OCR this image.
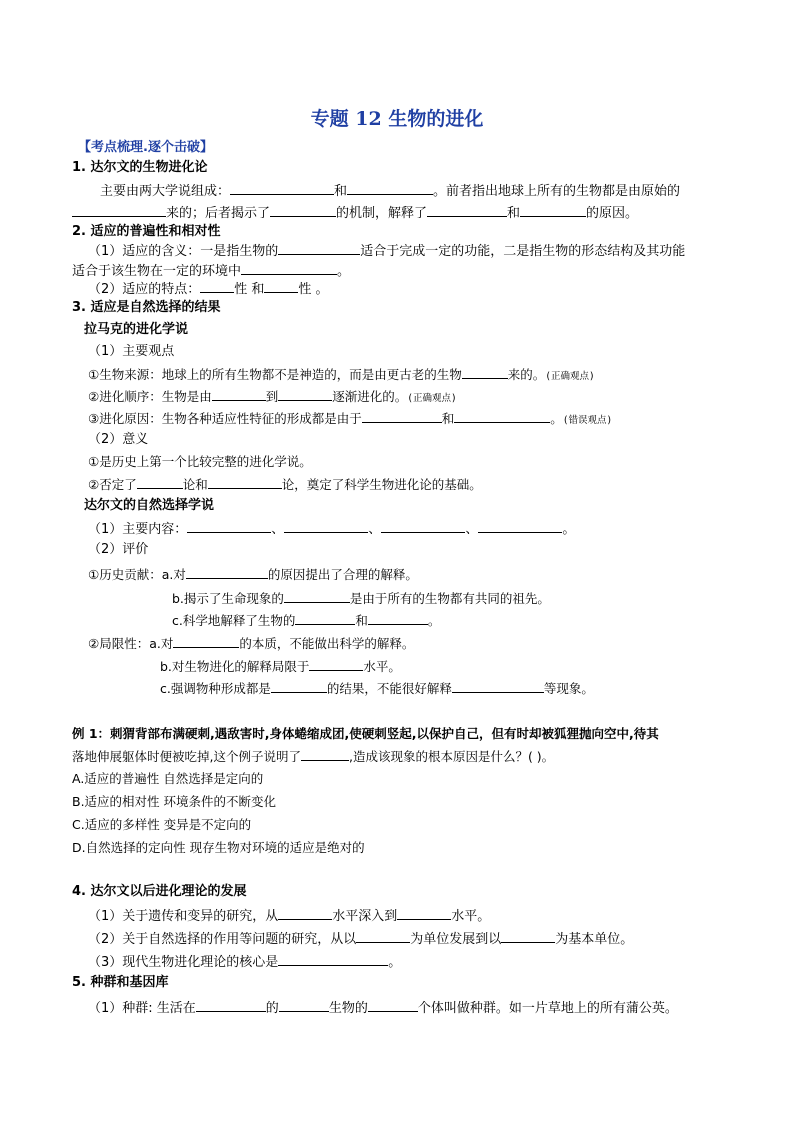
专题 12 生物的进化
【考点梳理.逐个击破】
1. 达尔文的生物进化论
主要由两大学说组成：	和	。前者指出地球上所有的生物都是由原始的
来的；后者揭示了	的机制，解释了	和	的原因。
2. 适应的普遍性和相对性
（1）适应的含义：一是指生物的	适合于完成一定的功能，二是指生物的形态结构及其功能
适合于该生物在一定的环境中	。
（2）适应的特点：	性 和	性 。
3. 适应是自然选择的结果
拉马克的进化学说
（1）主要观点
①生物来源：地球上的所有生物都不是神造的，而是由更古老的生物	来的。(正确观点)
②进化顺序：生物是由	到	逐渐进化的。(正确观点)
③进化原因：生物各种适应性特征的形成都是由于	和	。(错误观点)
（2）意义
①是历史上第一个比较完整的进化学说。
②否定了	论和	论，奠定了科学生物进化论的基础。
达尔文的自然选择学说
（1）主要内容：	、	、	、	。
（2）评价
①历史贡献：a.对	的原因提出了合理的解释。
b.揭示了生命现象的	是由于所有的生物都有共同的祖先。
c.科学地解释了生物的	和	。
②局限性：a.对	的本质，不能做出科学的解释。
b.对生物进化的解释局限于	水平。
c.强调物种形成都是	的结果，不能很好解释	等现象。
例 1：刺猬背部布满硬刺,遇敌害时,身体蜷缩成团,使硬刺竖起,以保护自己，但有时却被狐狸抛向空中,待其
落地伸展躯体时便被吃掉,这个例子说明了	,造成该现象的根本原因是什么？( )。
A.适应的普遍性 自然选择是定向的
B.适应的相对性 环境条件的不断变化
C.适应的多样性 变异是不定向的
D.自然选择的定向性 现存生物对环境的适应是绝对的
4. 达尔文以后进化理论的发展
（1）关于遗传和变异的研究，从	水平深入到	水平。
（2）关于自然选择的作用等问题的研究，从以	为单位发展到以	为基本单位。
（3）现代生物进化理论的核心是	。
5. 种群和基因库
（1）种群: 生活在	的	生物的	个体叫做种群。如一片草地上的所有蒲公英。
